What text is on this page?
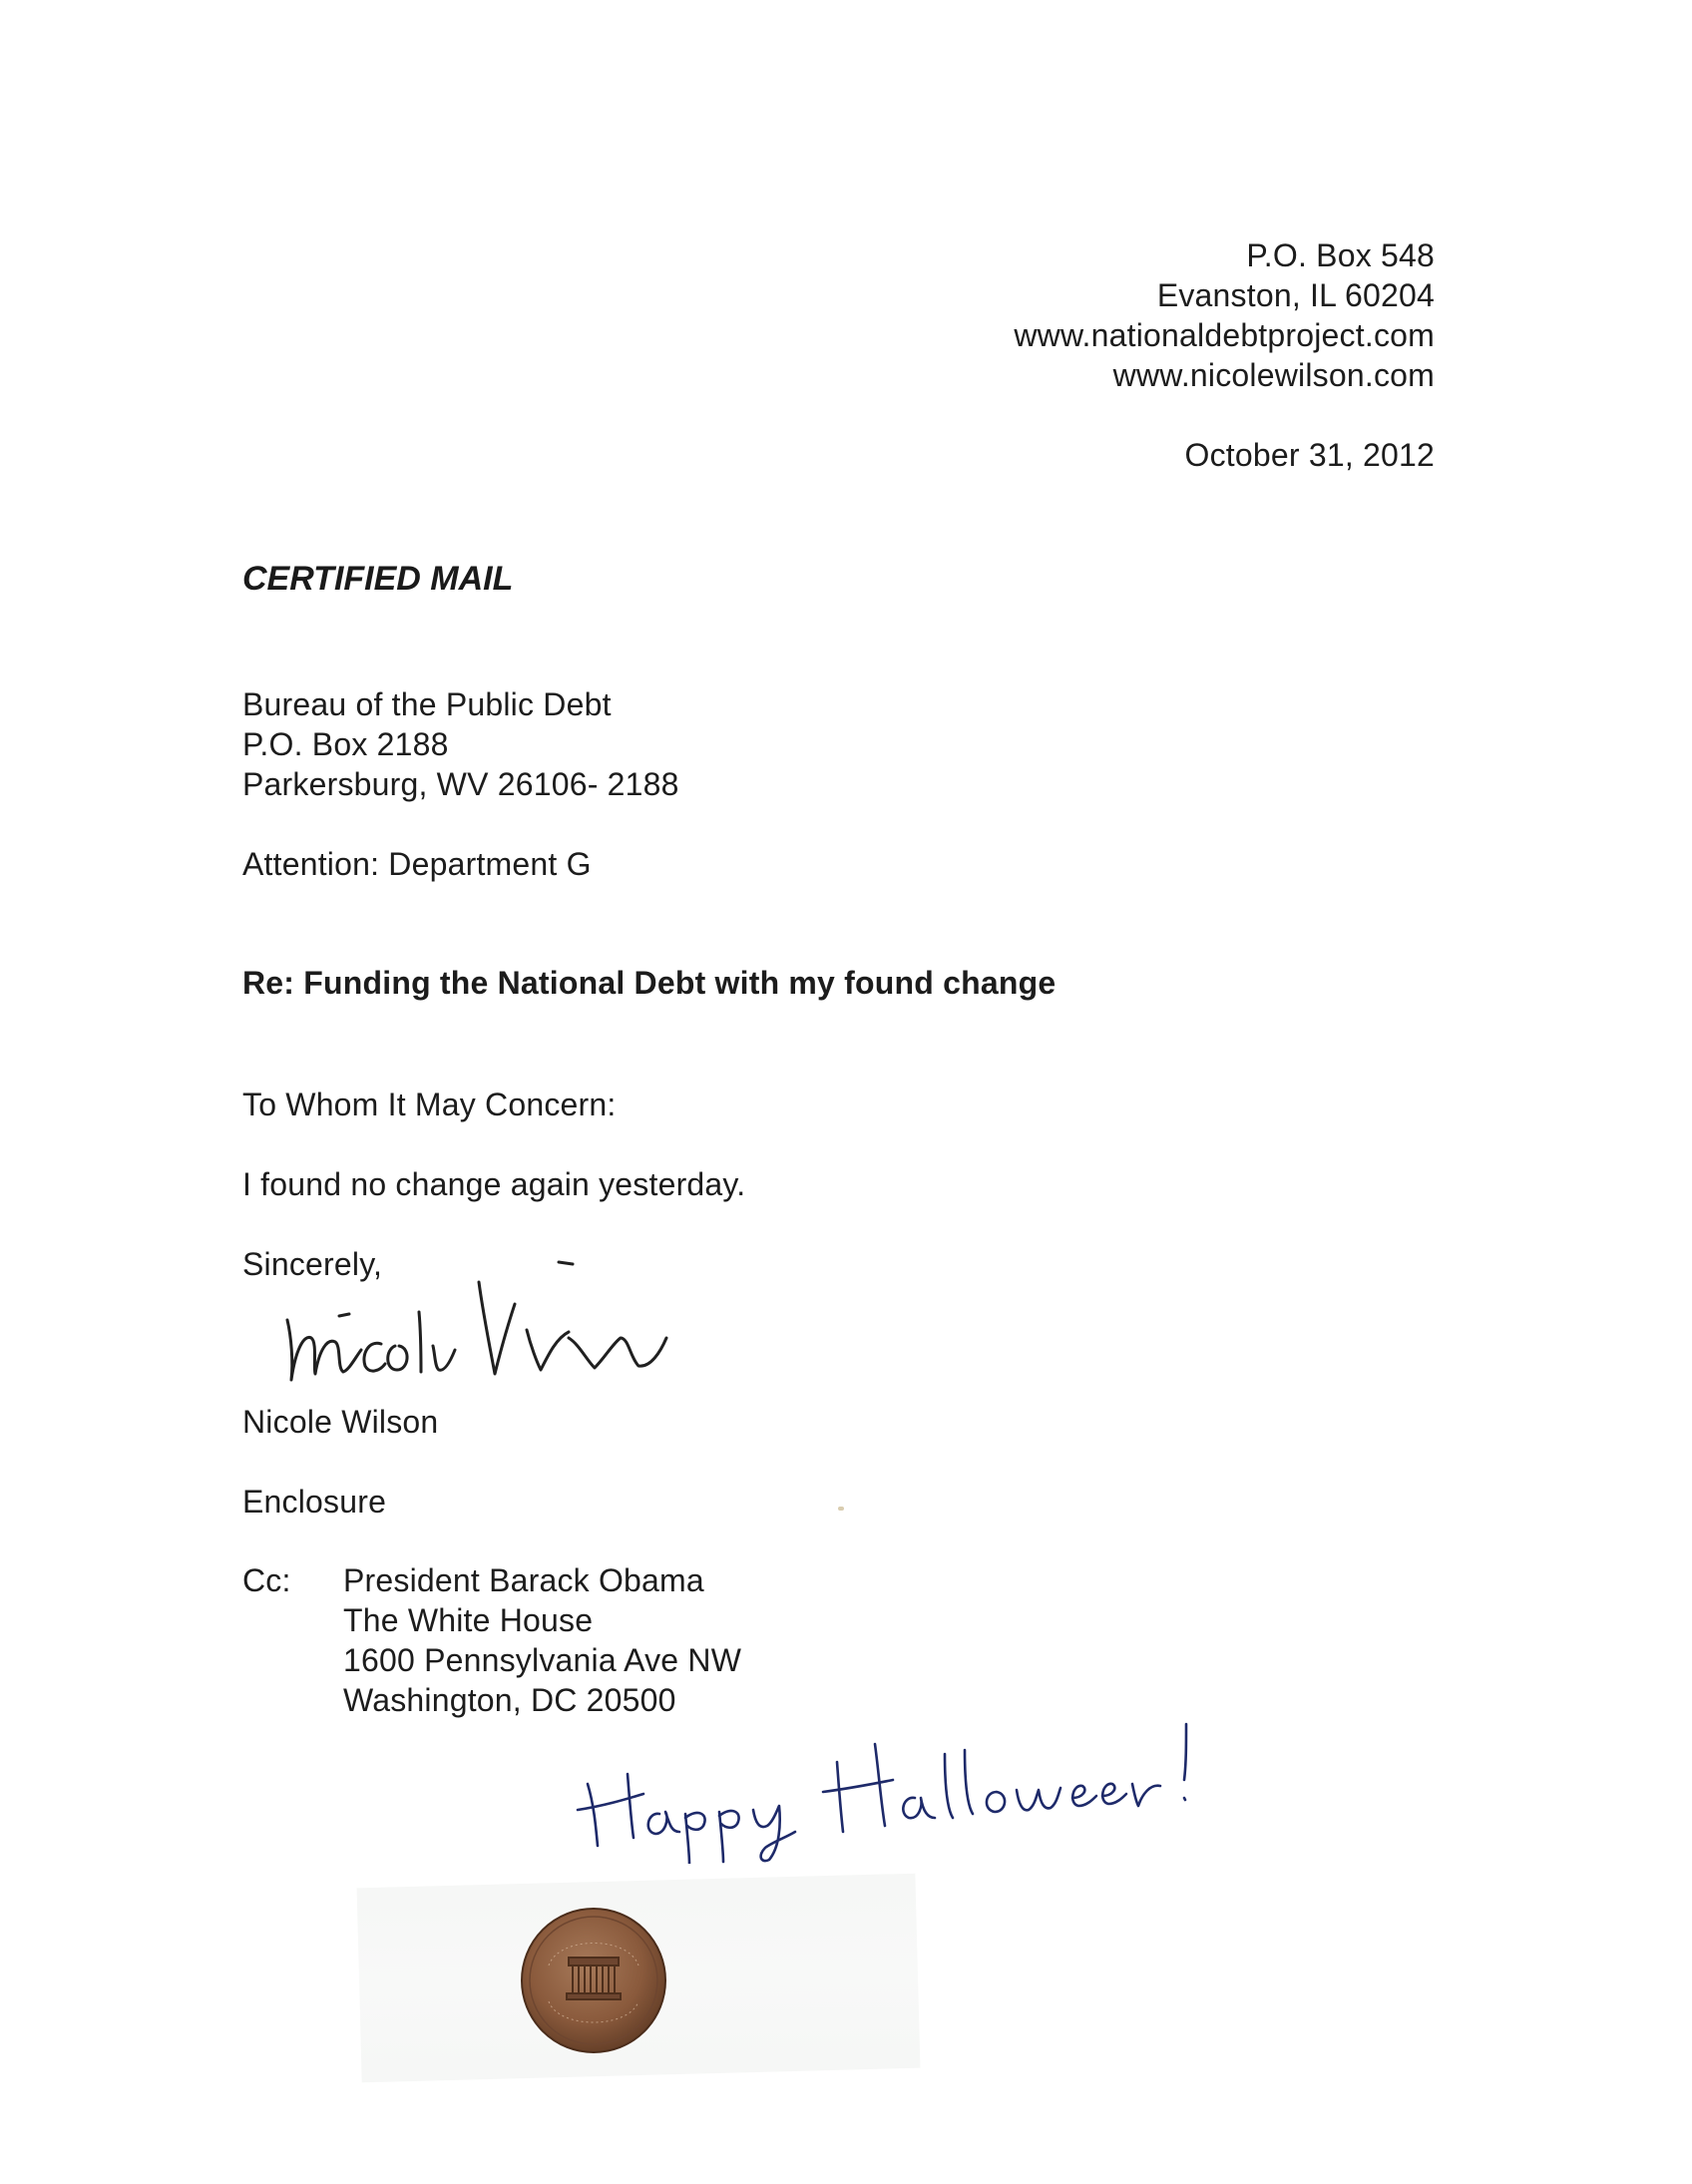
P.O. Box 548
Evanston, IL 60204
www.nationaldebtproject.com
www.nicolewilson.com
October 31, 2012
CERTIFIED MAIL
Bureau of the Public Debt
P.O. Box 2188
Parkersburg, WV 26106- 2188
Attention: Department G
Re: Funding the National Debt with my found change
To Whom It May Concern:
I found no change again yesterday.
Sincerely,
Nicole Wilson
Enclosure
Cc: President Barack Obama
The White House
1600 Pennsylvania Ave NW
Washington, DC 20500
